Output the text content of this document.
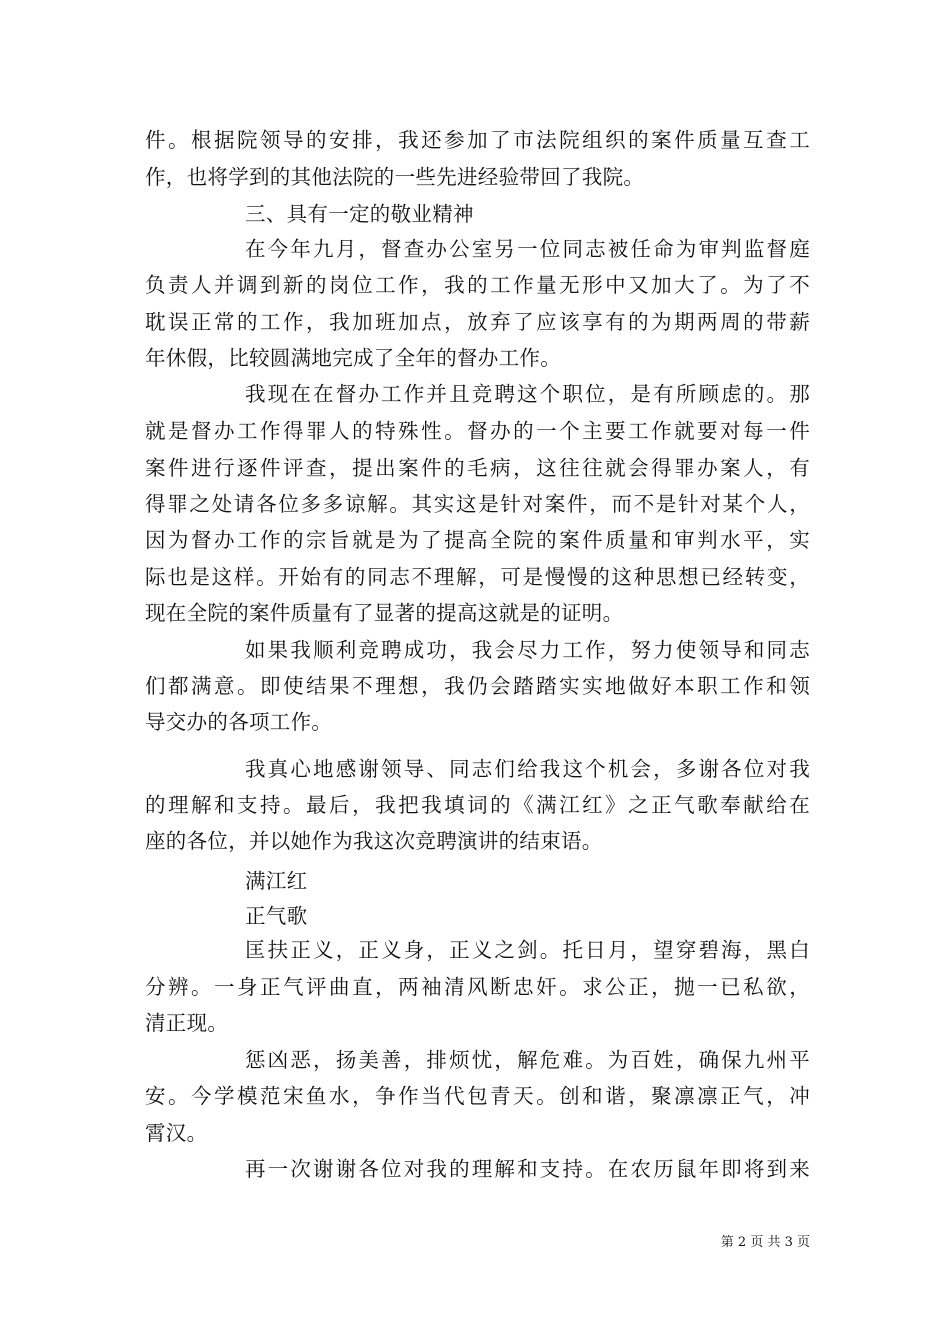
件。根据院领导的安排，我还参加了市法院组织的案件质量互查工
作，也将学到的其他法院的一些先进经验带回了我院。
三、具有一定的敬业精神
在今年九月，督查办公室另一位同志被任命为审判监督庭
负责人并调到新的岗位工作，我的工作量无形中又加大了。为了不
耽误正常的工作，我加班加点，放弃了应该享有的为期两周的带薪
年休假，比较圆满地完成了全年的督办工作。
我现在在督办工作并且竞聘这个职位，是有所顾虑的。那
就是督办工作得罪人的特殊性。督办的一个主要工作就要对每一件
案件进行逐件评查，提出案件的毛病，这往往就会得罪办案人，有
得罪之处请各位多多谅解。其实这是针对案件，而不是针对某个人，
因为督办工作的宗旨就是为了提高全院的案件质量和审判水平，实
际也是这样。开始有的同志不理解，可是慢慢的这种思想已经转变，
现在全院的案件质量有了显著的提高这就是的证明。
如果我顺利竞聘成功，我会尽力工作，努力使领导和同志
们都满意。即使结果不理想，我仍会踏踏实实地做好本职工作和领
导交办的各项工作。
我真心地感谢领导、同志们给我这个机会，多谢各位对我
的理解和支持。最后，我把我填词的《满江红》之正气歌奉献给在
座的各位，并以她作为我这次竞聘演讲的结束语。
满江红
正气歌
匡扶正义，正义身，正义之剑。托日月，望穿碧海，黑白
分辨。一身正气评曲直，两袖清风断忠奸。求公正，抛一已私欲，
清正现。
惩凶恶，扬美善，排烦忧，解危难。为百姓，确保九州平
安。今学模范宋鱼水，争作当代包青天。创和谐，聚凛凛正气，冲
霄汉。
再一次谢谢各位对我的理解和支持。在农历鼠年即将到来
第 2 页 共 3 页
